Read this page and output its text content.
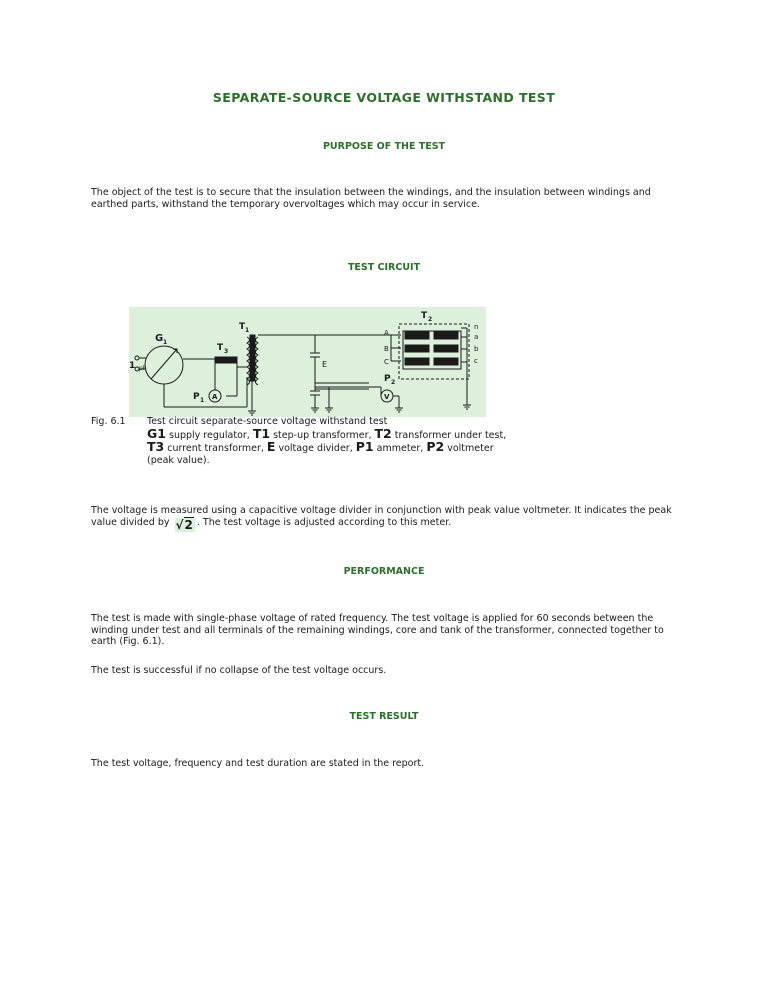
SEPARATE-SOURCE VOLTAGE WITHSTAND TEST
PURPOSE OF THE TEST
The object of the test is to secure that the insulation between the windings, and the insulation between windings and earthed parts, withstand the temporary overvoltages which may occur in service.
TEST CIRCUIT
1 ph
G 1
T 3
A
P 1
T 1
E
V
P 2
A
B
C
T 2
n
a
b
c
Fig. 6.1 Test circuit separate-source voltage withstand test
G1 supply regulator, T1 step-up transformer, T2 transformer under test, T3 current transformer, E voltage divider, P1 ammeter, P2 voltmeter (peak value).
The voltage is measured using a capacitive voltage divider in conjunction with peak value voltmeter. It indicates the peak value divided by √2 . The test voltage is adjusted according to this meter.
PERFORMANCE
The test is made with single-phase voltage of rated frequency. The test voltage is applied for 60 seconds between the winding under test and all terminals of the remaining windings, core and tank of the transformer, connected together to earth (Fig. 6.1).
The test is successful if no collapse of the test voltage occurs.
TEST RESULT
The test voltage, frequency and test duration are stated in the report.
